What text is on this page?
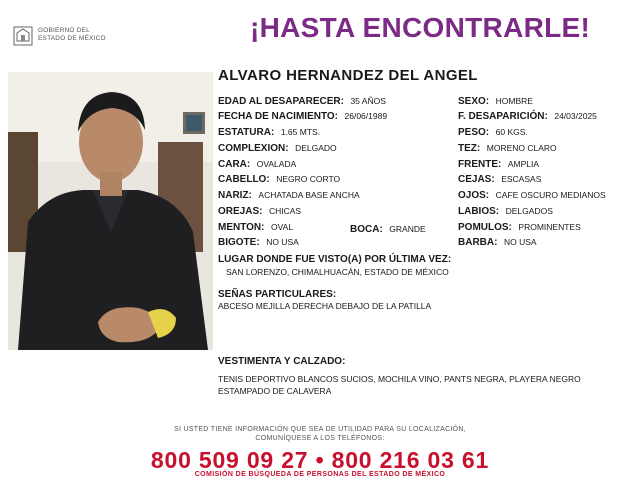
GOBIERNO DEL
ESTADO DE MÉXICO	¡HASTA ENCONTRARLE!
ALVARO HERNANDEZ DEL ANGEL
EDAD AL DESAPARECER: 35 AÑOS
FECHA DE NACIMIENTO: 26/06/1989
ESTATURA: 1.65 MTS.
COMPLEXION: DELGADO
CARA: OVALADA
CABELLO: NEGRO CORTO
NARIZ: ACHATADA BASE ANCHA
OREJAS: CHICAS
MENTON: OVAL	BOCA: GRANDE
BIGOTE: NO USA
SEXO: HOMBRE
F. DESAPARICIÓN: 24/03/2025
PESO: 60 KGS.
TEZ: MORENO CLARO
FRENTE: AMPLIA
CEJAS: ESCASAS
OJOS: CAFE OSCURO MEDIANOS
LABIOS: DELGADOS
POMULOS: PROMINENTES
BARBA: NO USA
LUGAR DONDE FUE VISTO(A) POR ÚLTIMA VEZ:
SAN LORENZO, CHIMALHUACÁN, ESTADO DE MÉXICO
SEÑAS PARTICULARES:
ABCESO MEJILLA DERECHA DEBAJO DE LA PATILLA
VESTIMENTA Y CALZADO:
TENIS DEPORTIVO BLANCOS SUCIOS, MOCHILA VINO, PANTS NEGRA, PLAYERA NEGRO ESTAMPADO DE CALAVERA
SI USTED TIENE INFORMACIÓN QUE SEA DE UTILIDAD PARA SU LOCALIZACIÓN,
COMUNÍQUESE A LOS TELÉFONOS:
800 509 09 27 • 800 216 03 61
COMISIÓN DE BÚSQUEDA DE PERSONAS DEL ESTADO DE MÉXICO
